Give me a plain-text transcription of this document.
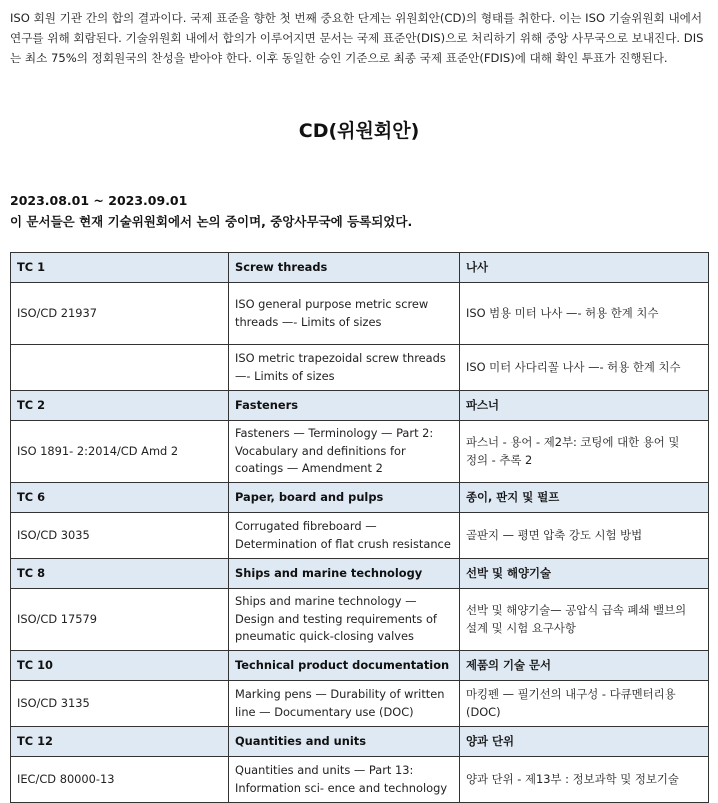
ISO 회원 기관 간의 합의 결과이다. 국제 표준을 향한 첫 번째 중요한 단계는 위원회안(CD)의 형태를 취한다. 이는 ISO 기술위원회 내에서 연구를 위해 회람된다. 기술위원회 내에서 합의가 이루어지면 문서는 국제 표준안(DIS)으로 처리하기 위해 중앙 사무국으로 보내진다. DIS는 최소 75%의 정회원국의 찬성을 받아야 한다. 이후 동일한 승인 기준으로 최종 국제 표준안(FDIS)에 대해 확인 투표가 진행된다.

CD(위원회안)

2023.08.01 ~ 2023.09.01

이 문서들은 현재 기술위원회에서 논의 중이며, 중앙사무국에 등록되었다.

TC 1	Screw threads	나사
ISO/CD 21937	ISO general purpose metric screw threads —- Limits of sizes	ISO 범용 미터 나사 —- 허용 한계 치수
	ISO metric trapezoidal screw threads —- Limits of sizes	ISO 미터 사다리꼴 나사 —- 허용 한계 치수
TC 2	Fasteners	파스너
ISO 1891- 2:2014/CD Amd 2	Fasteners — Terminology — Part 2: Vocabulary and definitions for coatings — Amendment 2	파스너 - 용어 - 제2부: 코팅에 대한 용어 및 정의 - 추록 2
TC 6	Paper, board and pulps	종이, 판지 및 펄프
ISO/CD 3035	Corrugated fibreboard — Determination of flat crush resistance	골판지 — 평면 압축 강도 시험 방법
TC 8	Ships and marine technology	선박 및 해양기술
ISO/CD 17579	Ships and marine technology — Design and testing requirements of pneumatic quick-closing valves	선박 및 해양기술— 공압식 급속 폐쇄 밸브의 설계 및 시험 요구사항
TC 10	Technical product documentation	제품의 기술 문서
ISO/CD 3135	Marking pens — Durability of written line — Documentary use (DOC)	마킹펜 — 필기선의 내구성 - 다큐멘터리용(DOC)
TC 12	Quantities and units	양과 단위
IEC/CD 80000-13	Quantities and units — Part 13: Information sci- ence and technology	양과 단위 - 제13부 : 정보과학 및 정보기술
